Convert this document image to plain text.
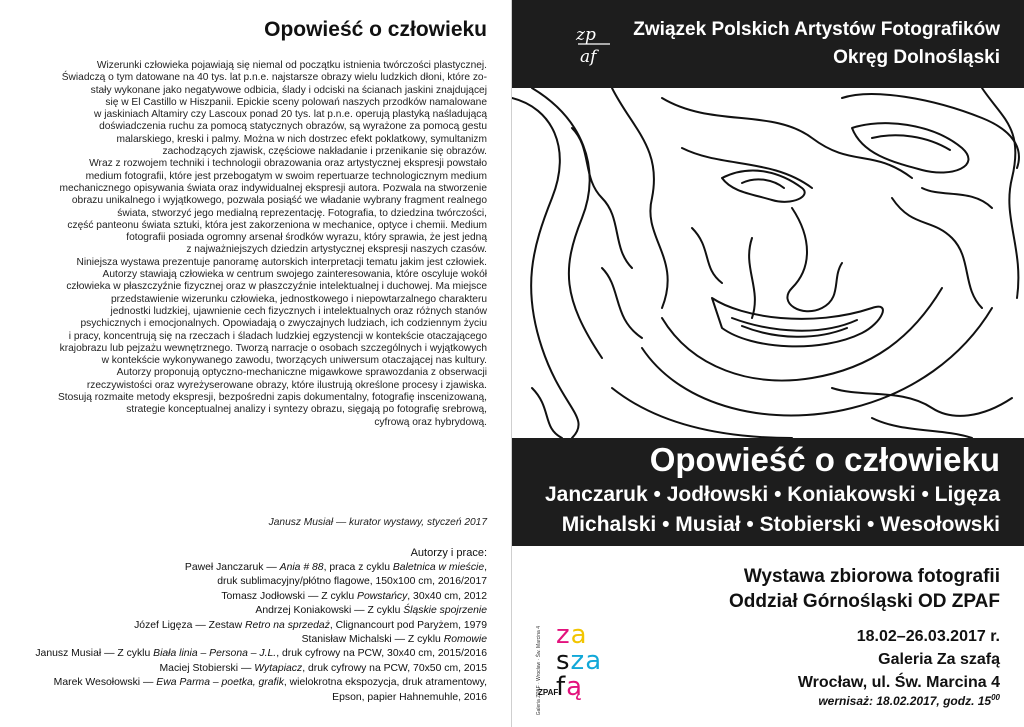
Opowieść o człowieku

Wizerunki człowieka pojawiają się niemal od początku istnienia twórczości plastycznej.

Świadczą o tym datowane na 40 tys. lat p.n.e. najstarsze obrazy wielu ludzkich dłoni, które zo-

stały wykonane jako negatywowe odbicia, ślady i odciski na ścianach jaskini znajdującej

się w El Castillo w Hiszpanii. Epickie sceny polowań naszych przodków namalowane

w jaskiniach Altamiry czy Lascoux ponad 20 tys. lat p.n.e. operują plastyką naśladującą

doświadczenia ruchu za pomocą statycznych obrazów, są wyrażone za pomocą gestu

malarskiego, kreski i palmy. Można w nich dostrzec efekt poklatkowy, symultanizm

zachodzących zjawisk, częściowe nakładanie i przenikanie się obrazów.

Wraz z rozwojem techniki i technologii obrazowania oraz artystycznej ekspresji powstało

medium fotografii, które jest przebogatym w swoim repertuarze technologicznym medium

mechanicznego opisywania świata oraz indywidualnej ekspresji autora. Pozwala na stworzenie

obrazu unikalnego i wyjątkowego, pozwala posiąść we władanie wybrany fragment realnego

świata, stworzyć jego medialną reprezentację. Fotografia, to dziedzina twórczości,

część panteonu świata sztuki, która jest zakorzeniona w mechanice, optyce i chemii. Medium

fotografii posiada ogromny arsenał środków wyrazu, który sprawia, że jest jedną

z najważniejszych dziedzin artystycznej ekspresji naszych czasów.

Niniejsza wystawa prezentuje panoramę autorskich interpretacji tematu jakim jest człowiek.

Autorzy stawiają człowieka w centrum swojego zainteresowania, które oscyluje wokół

człowieka w płaszczyźnie fizycznej oraz w płaszczyźnie intelektualnej i duchowej. Ma miejsce

przedstawienie wizerunku człowieka, jednostkowego i niepowtarzalnego charakteru

jednostki ludzkiej, ujawnienie cech fizycznych i intelektualnych oraz różnych stanów

psychicznych i emocjonalnych. Opowiadają o zwyczajnych ludziach, ich codziennym życiu

i pracy, koncentrują się na rzeczach i śladach ludzkiej egzystencji w kontekście otaczającego

krajobrazu lub pejzażu wewnętrznego. Tworzą narracje o osobach szczególnych i wyjątkowych

w kontekście wykonywanego zawodu, tworzących uniwersum otaczającej nas kultury.

Autorzy proponują optyczno-mechaniczne migawkowe sprawozdania z obserwacji

rzeczywistości oraz wyreżyserowane obrazy, które ilustrują określone procesy i zjawiska.

Stosują rozmaite metody ekspresji, bezpośredni zapis dokumentalny, fotografię inscenizowaną,

strategie konceptualnej analizy i syntezy obrazu, sięgają po fotografię srebrową,

cyfrową oraz hybrydową.

Janusz Musiał — kurator wystawy, styczeń 2017
Autorzy i prace:
Paweł Janczaruk — Ania # 88, praca z cyklu Baletnica w mieście,
druk sublimacyjny/płótno flagowe, 150x100 cm, 2016/2017
Tomasz Jodłowski — Z cyklu Powstańcy, 30x40 cm, 2012
Andrzej Koniakowski — Z cyklu Śląskie spojrzenie
Józef Ligęza — Zestaw Retro na sprzedaż, Clignancourt pod Paryżem, 1979
Stanisław Michalski — Z cyklu Romowie
Janusz Musiał — Z cyklu Biała linia – Persona – J.L., druk cyfrowy na PCW, 30x40 cm, 2015/2016
Maciej Stobierski — Wytapiacz, druk cyfrowy na PCW, 70x50 cm, 2015
Marek Wesołowski — Ewa Parma – poetka, grafik, wielokrotna ekspozycja, druk atramentowy,
Epson, papier Hahnemuhle, 2016
zp
af
Związek Polskich Artystów Fotografików
Okręg Dolnośląski
Opowieść o człowieku
Janczaruk • Jodłowski • Koniakowski • Ligęza
Michalski • Musiał • Stobierski • Wesołowski
Wystawa zbiorowa fotografii
Oddział Górnośląski OD ZPAF
Galeria ZPAF · Wrocław · Św. Marcina 4 za
sza
fą
ZPAF
18.02–26.03.2017 r.
Galeria Za szafą
Wrocław, ul. Św. Marcina 4
wernisaż: 18.02.2017, godz. $15^{00}$
